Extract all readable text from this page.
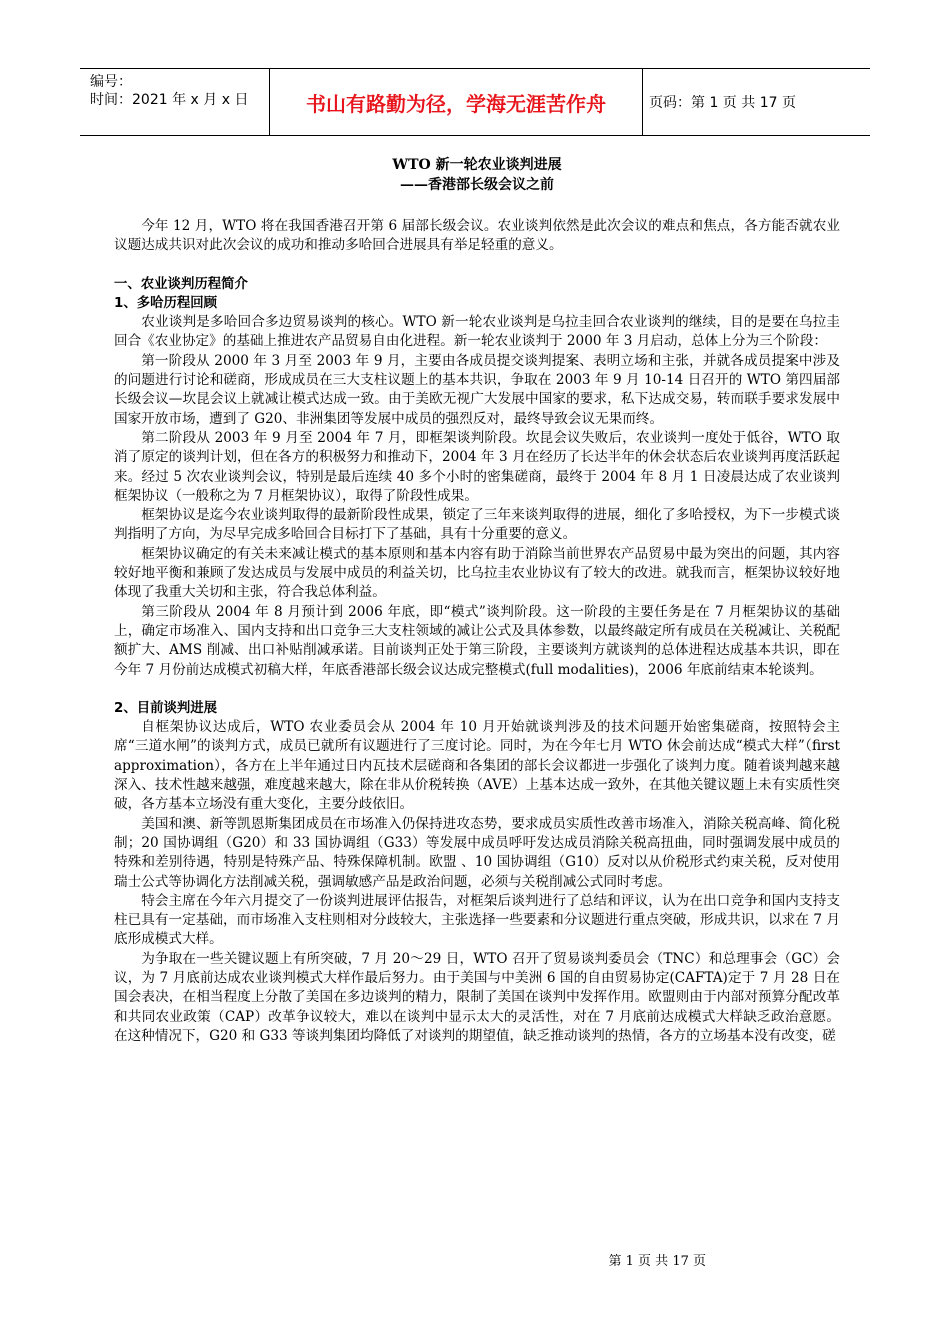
编号：
时间：2021 年 x 月 x 日	书山有路勤为径，学海无涯苦作舟	页码：第 1 页 共 17 页
WTO 新一轮农业谈判进展
——香港部长级会议之前

今年 12 月，WTO 将在我国香港召开第 6 届部长级会议。农业谈判依然是此次会议的难点和焦点，各方能否就农业议题达成共识对此次会议的成功和推动多哈回合进展具有举足轻重的意义。

一、农业谈判历程简介

1、多哈历程回顾

农业谈判是多哈回合多边贸易谈判的核心。WTO 新一轮农业谈判是乌拉圭回合农业谈判的继续，目的是要在乌拉圭回合《农业协定》的基础上推进农产品贸易自由化进程。新一轮农业谈判于 2000 年 3 月启动，总体上分为三个阶段：

第一阶段从 2000 年 3 月至 2003 年 9 月，主要由各成员提交谈判提案、表明立场和主张，并就各成员提案中涉及的问题进行讨论和磋商，形成成员在三大支柱议题上的基本共识，争取在 2003 年 9 月 10-14 日召开的 WTO 第四届部长级会议—坎昆会议上就减让模式达成一致。由于美欧无视广大发展中国家的要求，私下达成交易，转而联手要求发展中国家开放市场，遭到了 G20、非洲集团等发展中成员的强烈反对，最终导致会议无果而终。

第二阶段从 2003 年 9 月至 2004 年 7 月，即框架谈判阶段。坎昆会议失败后，农业谈判一度处于低谷，WTO 取消了原定的谈判计划，但在各方的积极努力和推动下，2004 年 3 月在经历了长达半年的休会状态后农业谈判再度活跃起来。经过 5 次农业谈判会议，特别是最后连续 40 多个小时的密集磋商，最终于 2004 年 8 月 1 日凌晨达成了农业谈判框架协议（一般称之为 7 月框架协议），取得了阶段性成果。

框架协议是迄今农业谈判取得的最新阶段性成果，锁定了三年来谈判取得的进展，细化了多哈授权，为下一步模式谈判指明了方向，为尽早完成多哈回合目标打下了基础，具有十分重要的意义。

框架协议确定的有关未来减让模式的基本原则和基本内容有助于消除当前世界农产品贸易中最为突出的问题，其内容较好地平衡和兼顾了发达成员与发展中成员的利益关切，比乌拉圭农业协议有了较大的改进。就我而言，框架协议较好地体现了我重大关切和主张，符合我总体利益。

第三阶段从 2004 年 8 月预计到 2006 年底，即“模式”谈判阶段。这一阶段的主要任务是在 7 月框架协议的基础上，确定市场准入、国内支持和出口竞争三大支柱领域的减让公式及具体参数，以最终敲定所有成员在关税减让、关税配额扩大、AMS 削减、出口补贴削减承诺。目前谈判正处于第三阶段，主要谈判方就谈判的总体进程达成基本共识，即在今年 7 月份前达成模式初稿大样，年底香港部长级会议达成完整模式(full modalities)，2006 年底前结束本轮谈判。

2、目前谈判进展

自框架协议达成后，WTO 农业委员会从 2004 年 10 月开始就谈判涉及的技术问题开始密集磋商，按照特会主席“三道水闸”的谈判方式，成员已就所有议题进行了三度讨论。同时，为在今年七月 WTO 休会前达成“模式大样”（first approximation），各方在上半年通过日内瓦技术层磋商和各集团的部长会议都进一步强化了谈判力度。随着谈判越来越深入、技术性越来越强，难度越来越大，除在非从价税转换（AVE）上基本达成一致外，在其他关键议题上未有实质性突破，各方基本立场没有重大变化，主要分歧依旧。

美国和澳、新等凯恩斯集团成员在市场准入仍保持进攻态势，要求成员实质性改善市场准入，消除关税高峰、简化税制；20 国协调组（G20）和 33 国协调组（G33）等发展中成员呼吁发达成员消除关税高扭曲，同时强调发展中成员的特殊和差别待遇，特别是特殊产品、特殊保障机制。欧盟 、10 国协调组（G10）反对以从价税形式约束关税，反对使用瑞士公式等协调化方法削减关税，强调敏感产品是政治问题，必须与关税削减公式同时考虑。

特会主席在今年六月提交了一份谈判进展评估报告，对框架后谈判进行了总结和评议，认为在出口竞争和国内支持支柱已具有一定基础，而市场准入支柱则相对分歧较大，主张选择一些要素和分议题进行重点突破，形成共识，以求在 7 月底形成模式大样。

为争取在一些关键议题上有所突破，7 月 20～29 日，WTO 召开了贸易谈判委员会（TNC）和总理事会（GC）会议，为 7 月底前达成农业谈判模式大样作最后努力。由于美国与中美洲 6 国的自由贸易协定(CAFTA)定于 7 月 28 日在国会表决，在相当程度上分散了美国在多边谈判的精力，限制了美国在谈判中发挥作用。欧盟则由于内部对预算分配改革和共同农业政策（CAP）改革争议较大，难以在谈判中显示太大的灵活性，对在 7 月底前达成模式大样缺乏政治意愿。在这种情况下，G20 和 G33 等谈判集团均降低了对谈判的期望值，缺乏推动谈判的热情，各方的立场基本没有改变，磋

第 1 页 共 17 页
